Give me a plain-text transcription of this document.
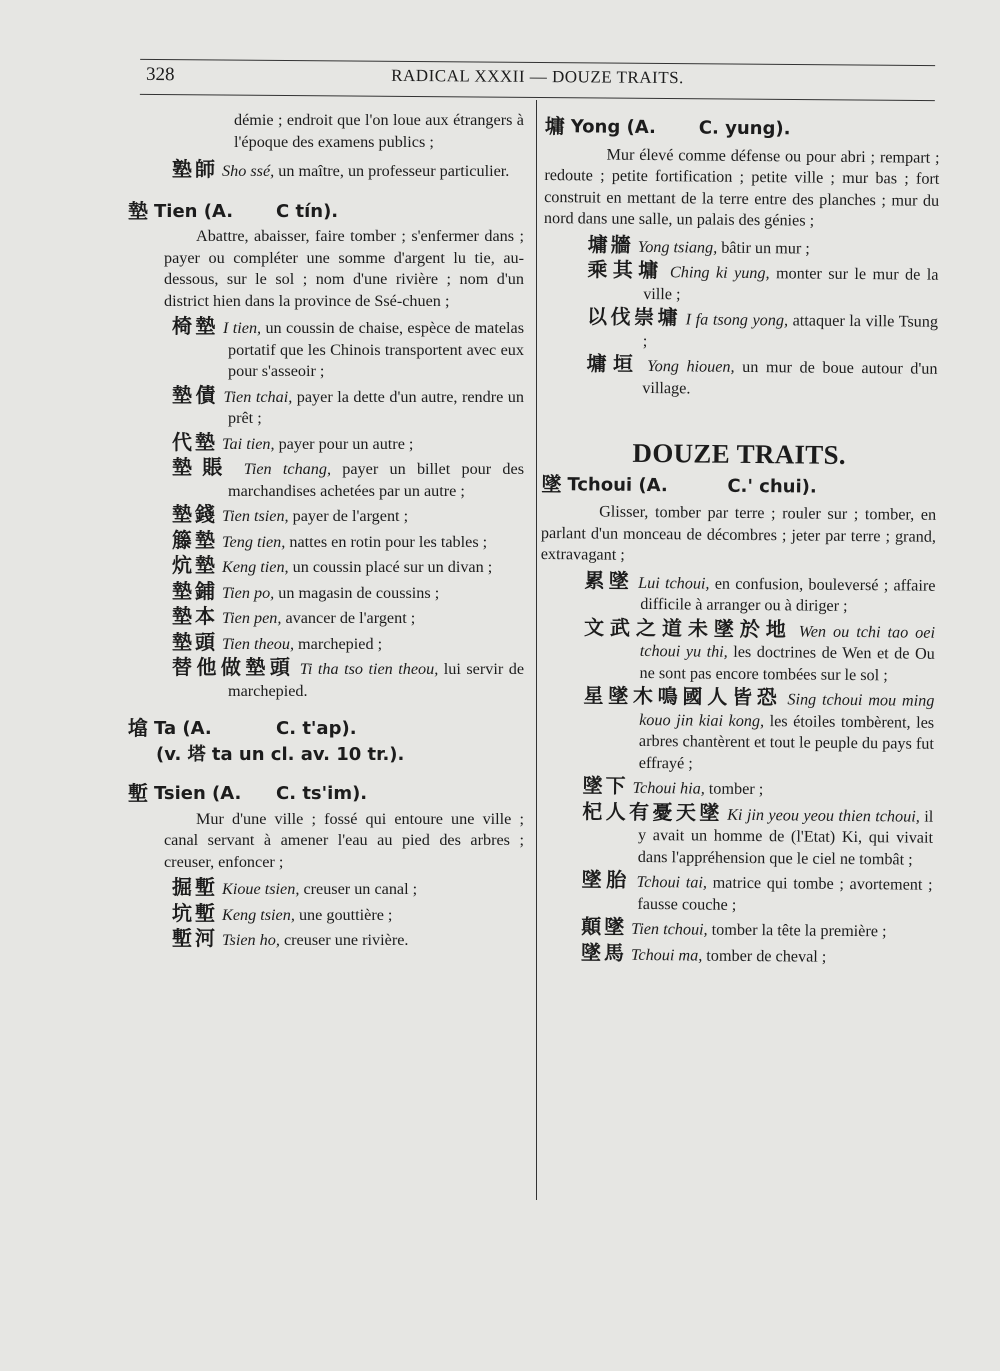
328	RADICAL XXXII — DOUZE TRAITS.

démie ; endroit que l'on loue aux étrangers à l'époque des examens publics ;

塾師 Sho ssé, un maître, un professeur particulier.

墊 Tien (A.	C tín).

Abattre, abaisser, faire tomber ; s'enfermer dans ; payer ou compléter une somme d'argent lu tie, au-dessous, sur le sol ; nom d'une rivière ; nom d'un district hien dans la province de Ssé-chuen ;

椅墊 I tien, un coussin de chaise, espèce de matelas portatif que les Chinois transportent avec eux pour s'asseoir ;

墊債 Tien tchai, payer la dette d'un autre, rendre un prêt ;

代墊 Tai tien, payer pour un autre ;

墊賬 Tien tchang, payer un billet pour des marchandises achetées par un autre ;

墊錢 Tien tsien, payer de l'argent ;

籐墊 Teng tien, nattes en rotin pour les tables ;

炕墊 Keng tien, un coussin placé sur un divan ;

墊鋪 Tien po, un magasin de coussins ;

墊本 Tien pen, avancer de l'argent ;

墊頭 Tien theou, marchepied ;

替他做墊頭 Ti tha tso tien theou, lui servir de marchepied.

墖 Ta (A.	C. t'ap).
(v. 塔 ta un cl. av. 10 tr.).
塹 Tsien (A.	C. ts'im).

Mur d'une ville ; fossé qui entoure une ville ; canal servant à amener l'eau au pied des arbres ; creuser, enfoncer ;

掘塹 Kioue tsien, creuser un canal ;

坑塹 Keng tsien, une gouttière ;

塹河 Tsien ho, creuser une rivière.

墉 Yong (A.	C. yung).

Mur élevé comme défense ou pour abri ; rempart ; redoute ; petite fortification ; petite ville ; mur bas ; fort construit en mettant de la terre entre des planches ; mur du nord dans une salle, un palais des génies ;

墉牆 Yong tsiang, bâtir un mur ;

乘其墉 Ching ki yung, monter sur le mur de la ville ;

以伐崇墉 I fa tsong yong, attaquer la ville Tsung ;

墉垣 Yong hiouen, un mur de boue autour d'un village.

DOUZE TRAITS.
墜 Tchoui (A.	C.' chui).

Glisser, tomber par terre ; rouler sur ; tomber, en parlant d'un monceau de décombres ; jeter par terre ; grand, extravagant ;

累墜 Lui tchoui, en confusion, bouleversé ; affaire difficile à arranger ou à diriger ;

文武之道未墜於地 Wen ou tchi tao oei tchoui yu thi, les doctrines de Wen et de Ou ne sont pas encore tombées sur le sol ;

星墜木鳴國人皆恐 Sing tchoui mou ming kouo jin kiai kong, les étoiles tombèrent, les arbres chantèrent et tout le peuple du pays fut effrayé ;

墜下 Tchoui hia, tomber ;

杞人有憂天墜 Ki jin yeou yeou thien tchoui, il y avait un homme de (l'Etat) Ki, qui vivait dans l'appréhension que le ciel ne tombât ;

墜胎 Tchoui tai, matrice qui tombe ; avortement ; fausse couche ;

顛墜 Tien tchoui, tomber la tête la première ;

墜馬 Tchoui ma, tomber de cheval ;
